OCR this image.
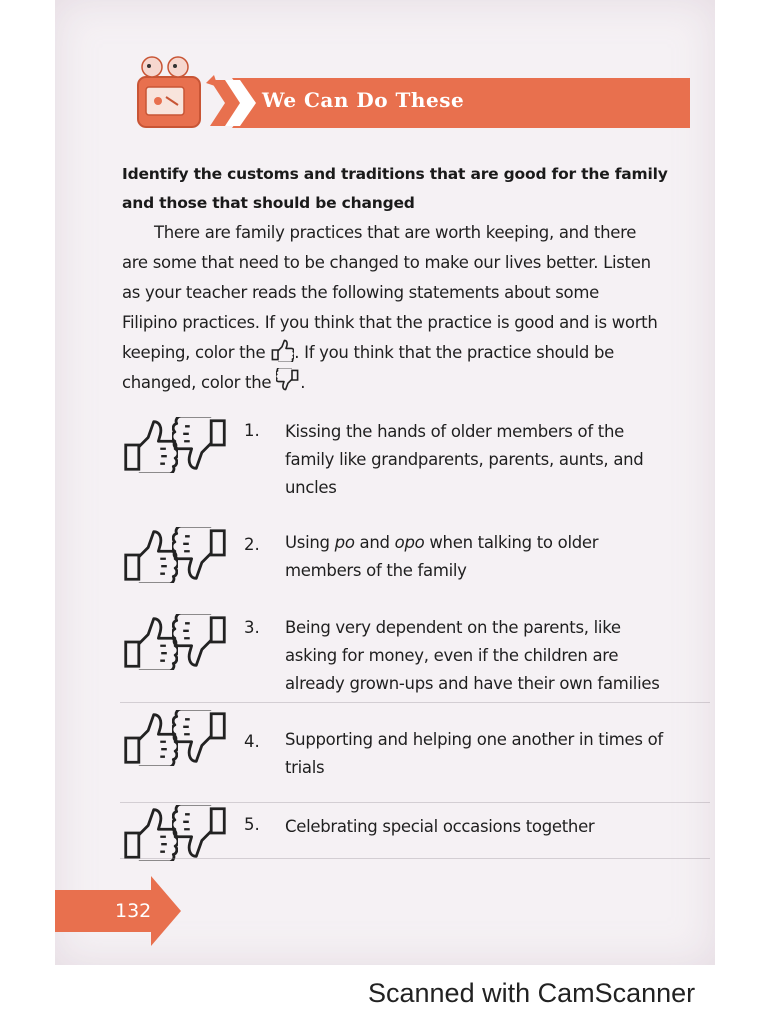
We Can Do These
Identify the customs and traditions that are good for the family
and those that should be changed

There are family practices that are worth keeping, and there

are some that need to be changed to make our lives better. Listen

as your teacher reads the following statements about some

Filipino practices. If you think that the practice is good and is worth

keeping, color the . If you think that the practice should be

changed, color the .

1. Kissing the hands of older members of the
family like grandparents, parents, aunts, and
uncles
2. Using po and opo when talking to older
members of the family
3. Being very dependent on the parents, like
asking for money, even if the children are
already grown-ups and have their own families
4. Supporting and helping one another in times of
trials
5. Celebrating special occasions together
132
Scanned with CamScanner
